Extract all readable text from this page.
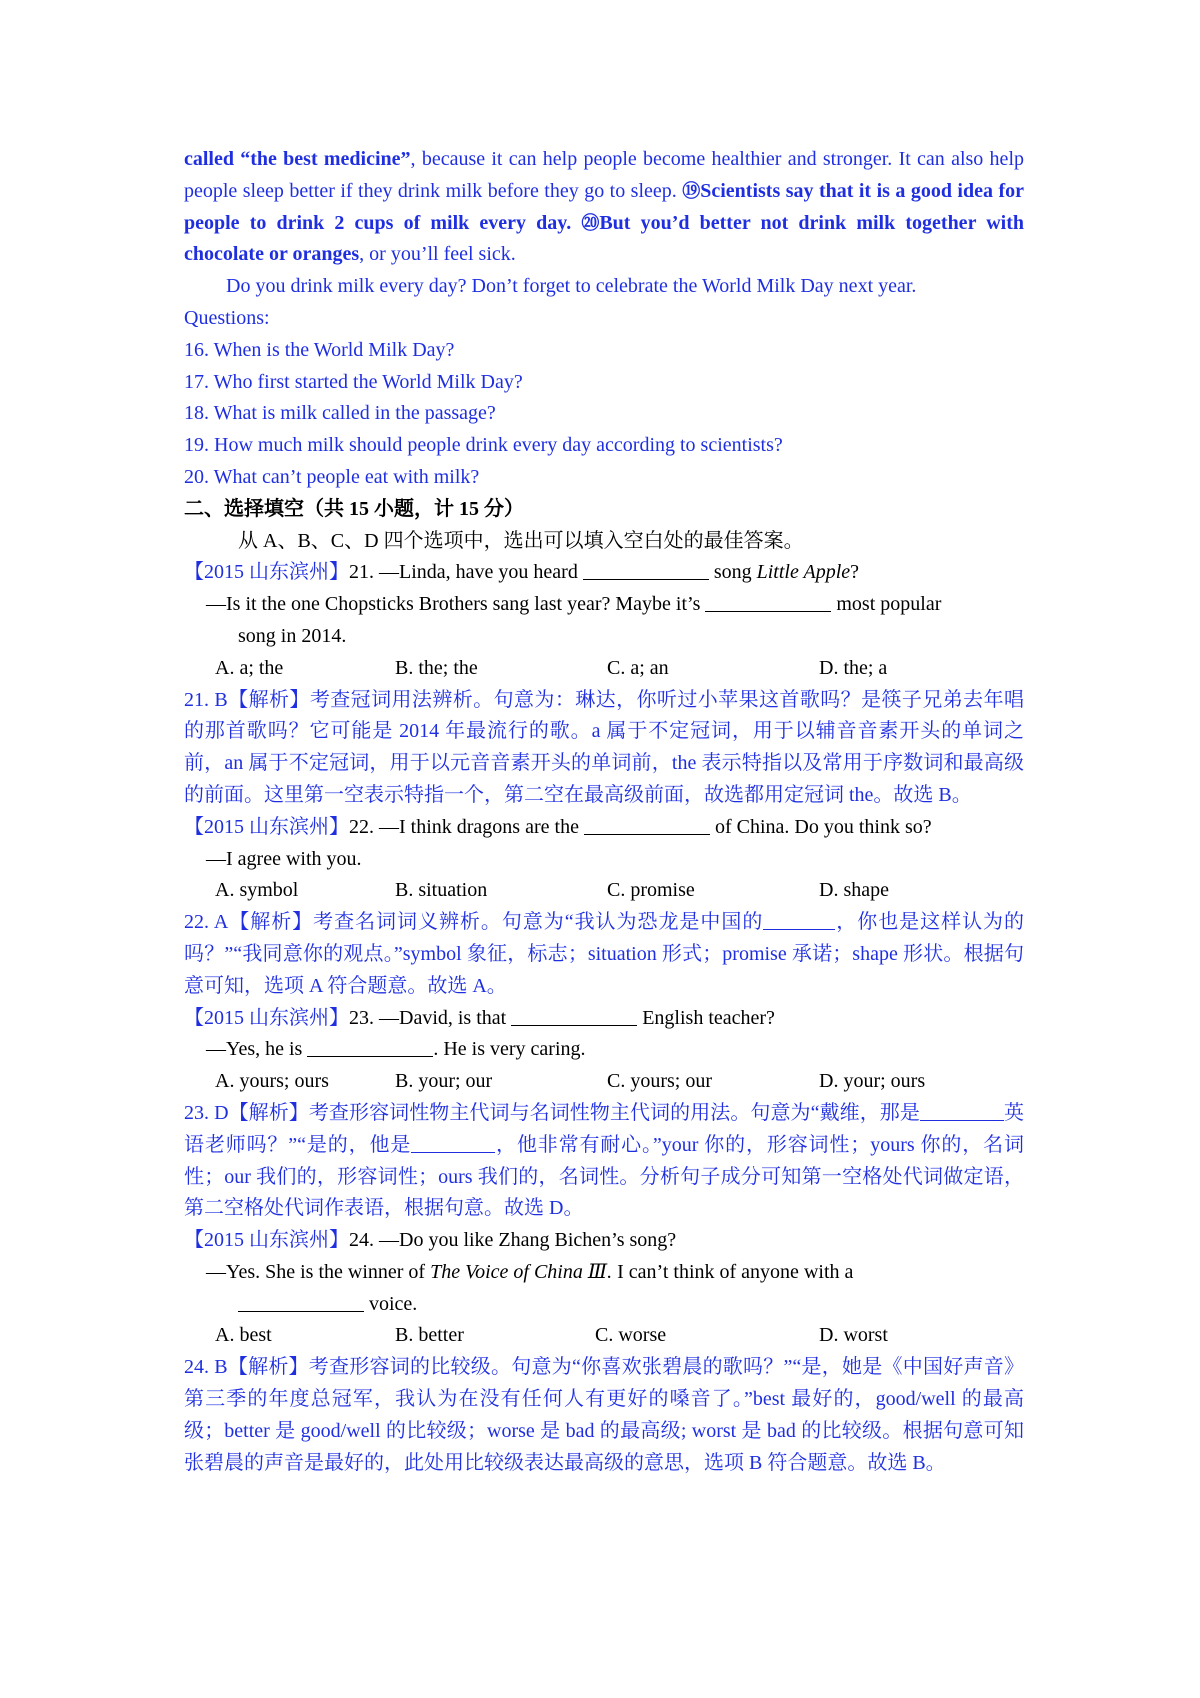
called “the best medicine”, because it can help people become healthier and stronger. It can also help people sleep better if they drink milk before they go to sleep. ⑲Scientists say that it is a good idea for people to drink 2 cups of milk every day. ⑳But you’d better not drink milk together with chocolate or oranges, or you’ll feel sick.

Do you drink milk every day? Don’t forget to celebrate the World Milk Day next year.

Questions:

16. When is the World Milk Day?

17. Who first started the World Milk Day?

18. What is milk called in the passage?

19. How much milk should people drink every day according to scientists?

20. What can’t people eat with milk?

二、选择填空（共 15 小题，计 15 分）

从 A、B、C、D 四个选项中，选出可以填入空白处的最佳答案。

【2015 山东滨州】21. —Linda, have you heard	song Little Apple?

—Is it the one Chopsticks Brothers sang last year? Maybe it’s	most popular

song in 2014.

A. a; the	B. the; the	C. a; an	D. the; a

21. B【解析】考查冠词用法辨析。句意为：琳达，你听过小苹果这首歌吗？是筷子兄弟去年唱的那首歌吗？它可能是 2014 年最流行的歌。a 属于不定冠词，用于以辅音音素开头的单词之前，an 属于不定冠词，用于以元音音素开头的单词前，the 表示特指以及常用于序数词和最高级的前面。这里第一空表示特指一个，第二空在最高级前面，故选都用定冠词 the。故选 B。

【2015 山东滨州】22. —I think dragons are the	of China. Do you think so?

—I agree with you.

A. symbol	B. situation	C. promise	D. shape

22. A【解析】考查名词词义辨析。句意为“我认为恐龙是中国的	，你也是这样认为的吗？”“我同意你的观点。”symbol 象征，标志；situation 形式；promise 承诺；shape 形状。根据句意可知，选项 A 符合题意。故选 A。

【2015 山东滨州】23. —David, is that	English teacher?

—Yes, he is	. He is very caring.

A. yours; ours	B. your; our	C. yours; our	D. your; ours

23. D【解析】考查形容词性物主代词与名词性物主代词的用法。句意为“戴维，那是	英语老师吗？”“是的，他是	，他非常有耐心。”your 你的，形容词性；yours 你的，名词性；our 我们的，形容词性；ours 我们的，名词性。分析句子成分可知第一空格处代词做定语，第二空格处代词作表语，根据句意。故选 D。

【2015 山东滨州】24. —Do you like Zhang Bichen’s song?

—Yes. She is the winner of The Voice of China Ⅲ. I can’t think of anyone with a

voice.

A. best	B. better	C. worse	D. worst

24. B【解析】考查形容词的比较级。句意为“你喜欢张碧晨的歌吗？”“是，她是《中国好声音》第三季的年度总冠军，我认为在没有任何人有更好的嗓音了。”best 最好的，good/well 的最高级；better 是 good/well 的比较级；worse 是 bad 的最高级; worst 是 bad 的比较级。根据句意可知张碧晨的声音是最好的，此处用比较级表达最高级的意思，选项 B 符合题意。故选 B。
